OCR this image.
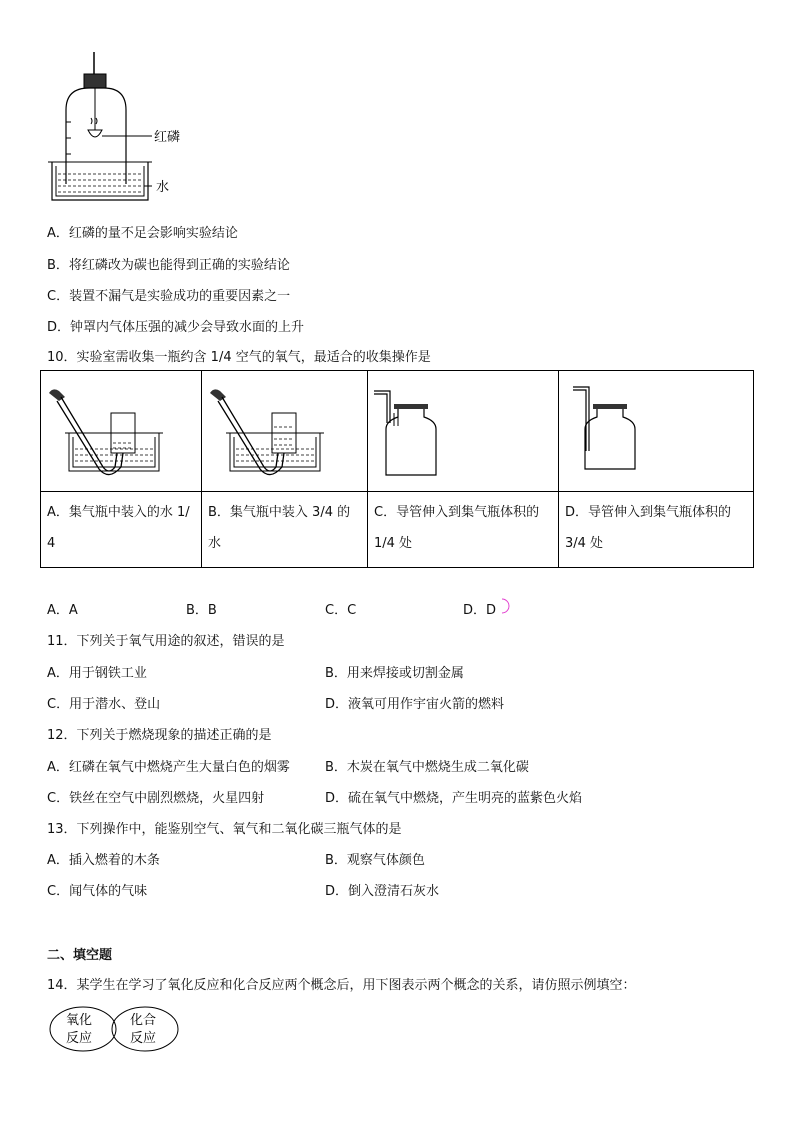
红磷
水
A．红磷的量不足会影响实验结论
B．将红磷改为碳也能得到正确的实验结论
C．装置不漏气是实验成功的重要因素之一
D．钟罩内气体压强的减少会导致水面的上升
10．实验室需收集一瓶约含 1/4 空气的氧气，最适合的收集操作是

A．集气瓶中装入的水 1/4	B．集气瓶中装入 3/4 的水	C．导管伸入到集气瓶体积的 1/4 处	D．导管伸入到集气瓶体积的 3/4 处
A．A	B．B	C．C	D．D
11．下列关于氧气用途的叙述，错误的是
A．用于钢铁工业	B．用来焊接或切割金属
C．用于潜水、登山	D．液氧可用作宇宙火箭的燃料
12．下列关于燃烧现象的描述正确的是
A．红磷在氧气中燃烧产生大量白色的烟雾	B．木炭在氧气中燃烧生成二氧化碳
C．铁丝在空气中剧烈燃烧，火星四射	D．硫在氧气中燃烧，产生明亮的蓝紫色火焰
13．下列操作中，能鉴别空气、氧气和二氧化碳三瓶气体的是
A．插入燃着的木条	B．观察气体颜色
C．闻气体的气味	D．倒入澄清石灰水
二、填空题
14．某学生在学习了氧化反应和化合反应两个概念后，用下图表示两个概念的关系，请仿照示例填空：
氧化
反应
化合
反应
